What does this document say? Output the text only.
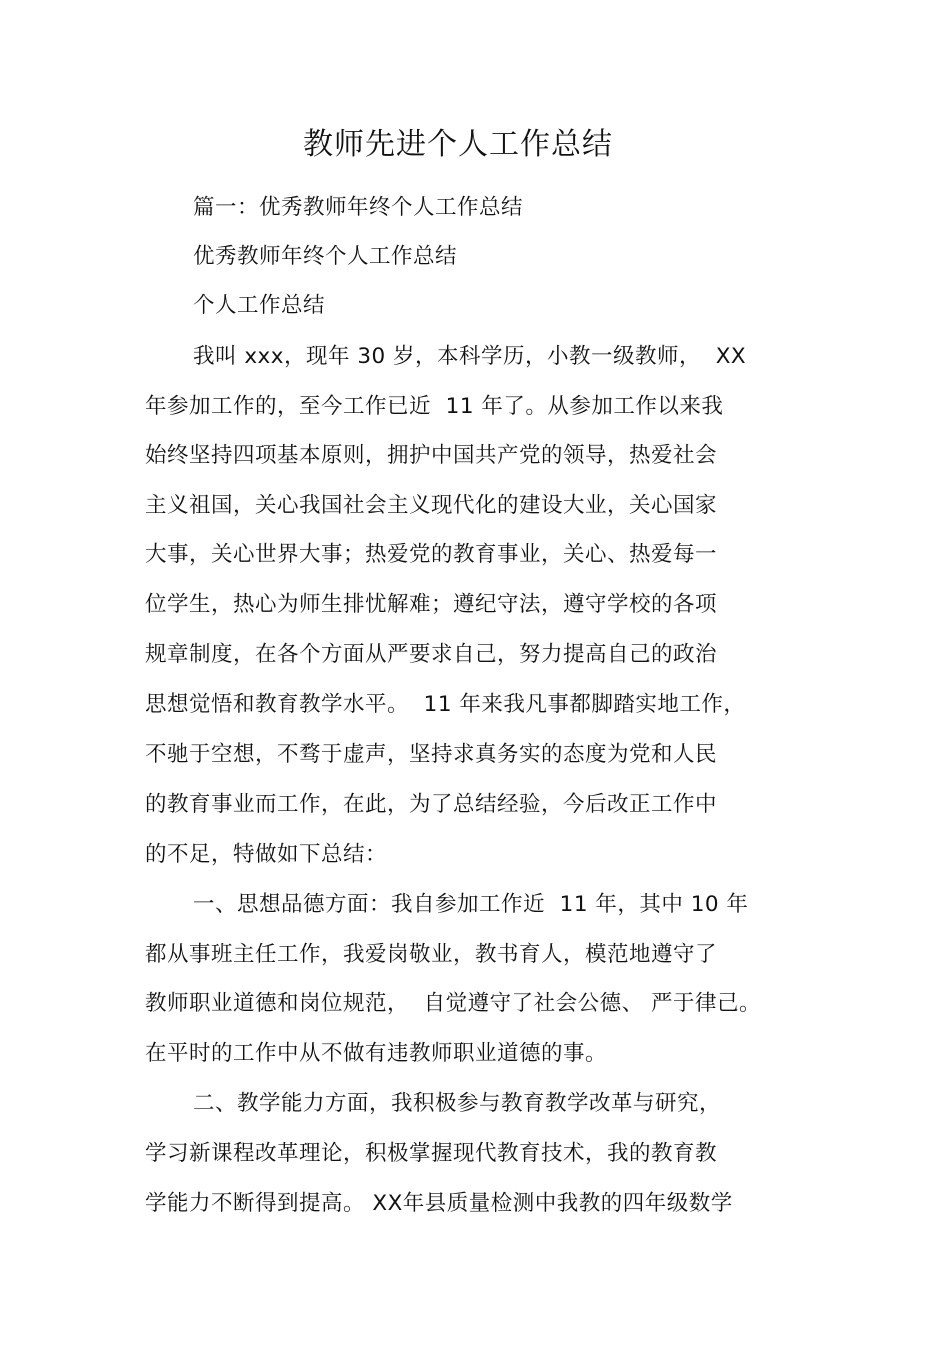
教师先进个人工作总结
篇一：优秀教师年终个人工作总结
优秀教师年终个人工作总结
个人工作总结
我叫 xxx，现年 30 岁，本科学历，小教一级教师，  XX
年参加工作的，至今工作已近  11 年了。从参加工作以来我
始终坚持四项基本原则，拥护中国共产党的领导，热爱社会
主义祖国，关心我国社会主义现代化的建设大业，关心国家
大事，关心世界大事；热爱党的教育事业，关心、热爱每一
位学生，热心为师生排忧解难；遵纪守法，遵守学校的各项
规章制度，在各个方面从严要求自己，努力提高自己的政治
思想觉悟和教育教学水平。  11 年来我凡事都脚踏实地工作，
不驰于空想，不骛于虚声，坚持求真务实的态度为党和人民
的教育事业而工作，在此，为了总结经验，今后改正工作中
的不足，特做如下总结：
一、思想品德方面：我自参加工作近  11 年，其中 10 年
都从事班主任工作，我爱岗敬业，教书育人，模范地遵守了
教师职业道德和岗位规范，  自觉遵守了社会公德、 严于律己。
在平时的工作中从不做有违教师职业道德的事。
二、教学能力方面，我积极参与教育教学改革与研究，
学习新课程改革理论，积极掌握现代教育技术，我的教育教
学能力不断得到提高。 XX年县质量检测中我教的四年级数学
